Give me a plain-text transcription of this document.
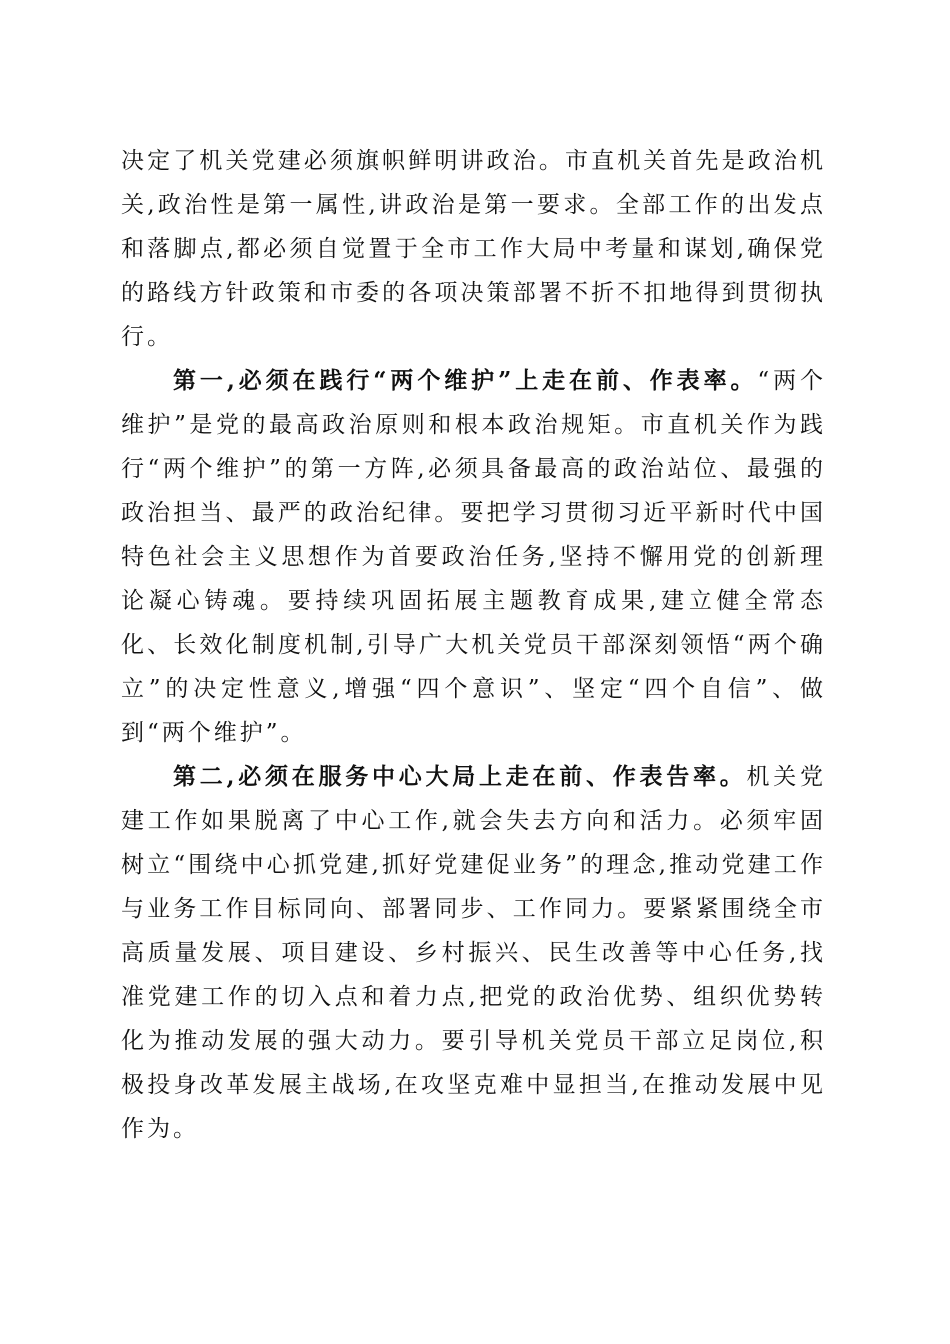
决定了机关党建必须旗帜鲜明讲政治。市直机关首先是政治机关,政治性是第一属性,讲政治是第一要求。全部工作的出发点和落脚点,都必须自觉置于全市工作大局中考量和谋划,确保党的路线方针政策和市委的各项决策部署不折不扣地得到贯彻执行。

第一,必须在践行“两个维护”上走在前、作表率。“两个维护”是党的最高政治原则和根本政治规矩。市直机关作为践行“两个维护”的第一方阵,必须具备最高的政治站位、最强的政治担当、最严的政治纪律。要把学习贯彻习近平新时代中国特色社会主义思想作为首要政治任务,坚持不懈用党的创新理论凝心铸魂。要持续巩固拓展主题教育成果,建立健全常态化、长效化制度机制,引导广大机关党员干部深刻领悟“两个确立”的决定性意义,增强“四个意识”、坚定“四个自信”、做到“两个维护”。

第二,必须在服务中心大局上走在前、作表告率。机关党建工作如果脱离了中心工作,就会失去方向和活力。必须牢固树立“围绕中心抓党建,抓好党建促业务”的理念,推动党建工作与业务工作目标同向、部署同步、工作同力。要紧紧围绕全市高质量发展、项目建设、乡村振兴、民生改善等中心任务,找准党建工作的切入点和着力点,把党的政治优势、组织优势转化为推动发展的强大动力。要引导机关党员干部立足岗位,积极投身改革发展主战场,在攻坚克难中显担当,在推动发展中见作为。
